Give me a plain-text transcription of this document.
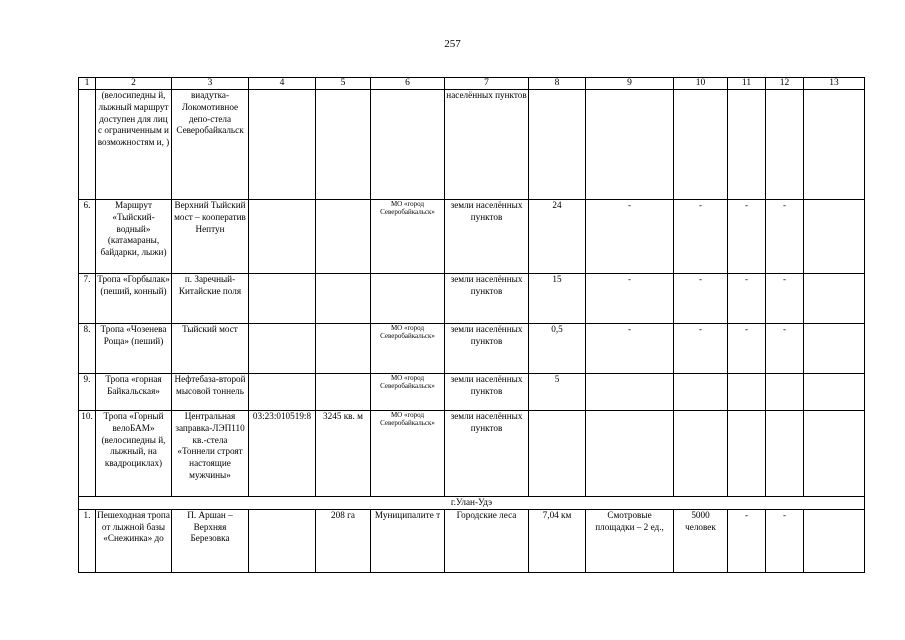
257
1	2	3	4	5	6	7	8	9	10	11	12	13
	(велосипедны й, лыжный маршрут доступен для лиц с ограниченным и возможностям и, )	виадутка-Локомотивное депо-стела Северобайкальск				населённых пунктов						
6.	Маршрут «Тыйский-водный» (катамараны, байдарки, лыжи)	Верхний Тыйский мост – кооператив Нептун			МО «город Северобайкальск»	земли населённых пунктов	24	-	-	-	-	
7.	Тропа «Горбылак» (пеший, конный)	п. Заречный-Китайские поля				земли населённых пунктов	15	-	-	-	-	
8.	Тропа «Чозенева Роща» (пеший)	Тыйский мост			МО «город Северобайкальск»	земли населённых пунктов	0,5	-	-	-	-	
9.	Тропа «горная Байкальская»	Нефтебаза-второй мысовой тоннель			МО «город Северобайкальск»	земли населённых пунктов	5					
10.	Тропа «Горный велоБАМ» (велосипедны й, лыжный, на квадроциклах)	Центральная заправка-ЛЭП110 кв.-стела «Тоннели строят настоящие мужчины»	03:23:010519:8	3245 кв. м	МО «город Северобайкальск»	земли населённых пунктов						
г.Улан-Удэ												
1.	Пешеходная тропа от лыжной базы «Снежинка» до	П. Аршан – Верхняя Березовка		208 га	Муниципалите т	Городские леса	7,04 км	Смотровые площадки – 2 ед.,	5000 человек	-	-	
